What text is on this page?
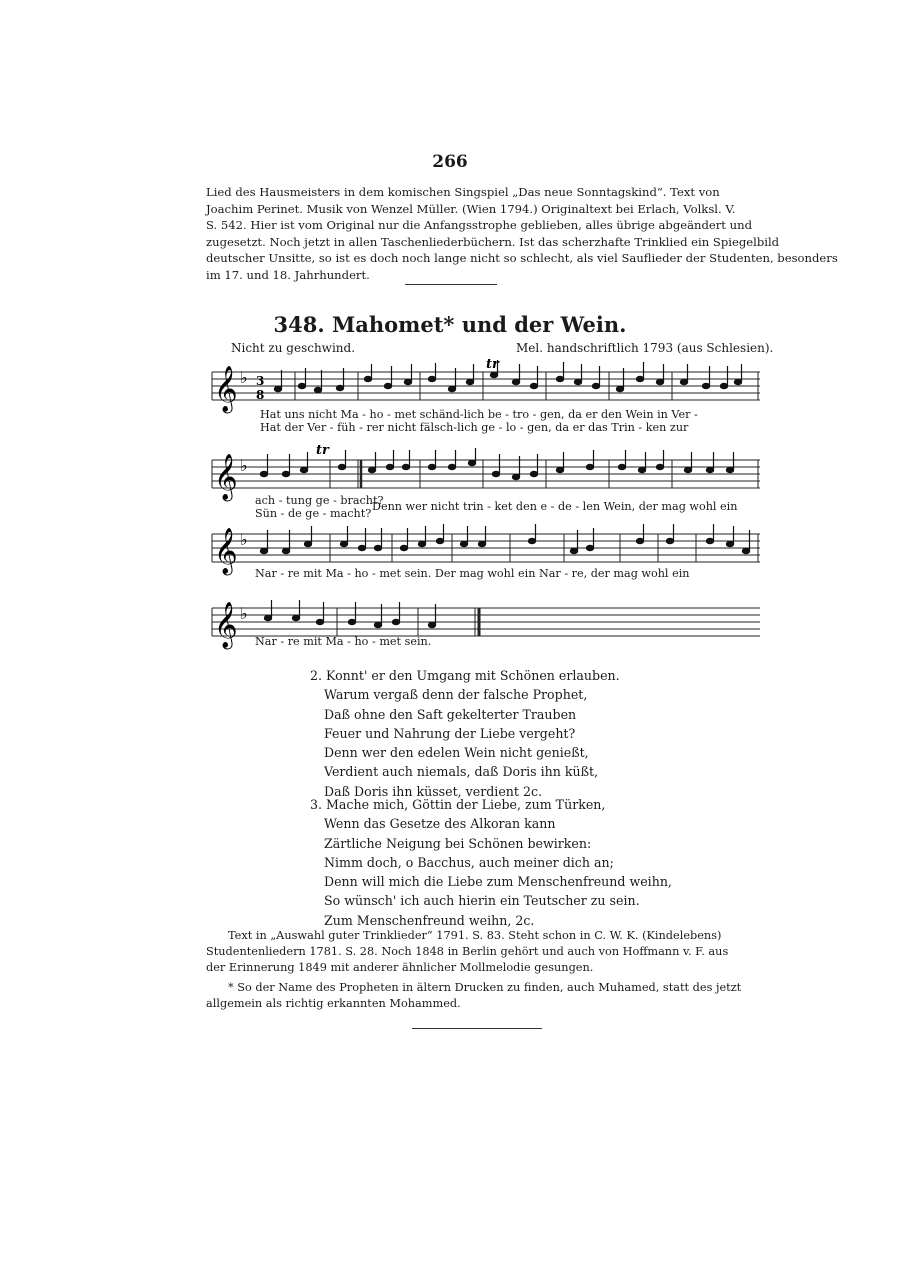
266
Lied des Hausmeisters in dem komischen Singspiel „Das neue Sonntagskind“. Text von
Joachim Perinet. Musik von Wenzel Müller. (Wien 1794.) Originaltext bei Erlach, Volksl. V.
S. 542. Hier ist vom Original nur die Anfangsstrophe geblieben, alles übrige abgeändert und
zugesetzt. Noch jetzt in allen Taschenliederbüchern. Ist das scherzhafte Trinklied ein Spiegelbild
deutscher Unsitte, so ist es doch noch lange nicht so schlecht, als viel Sauflieder der Studenten, besonders
im 17. und 18. Jahrhundert.
348. Mahomet* und der Wein.
Nicht zu geschwind.	Mel. handschriftlich 1793 (aus Schlesien).
𝄞 ♭ 3
8
tr
Hat uns nicht Ma - ho - met schänd-lich be - tro - gen, da er den Wein in Ver -
Hat der Ver - füh - rer nicht fälsch-lich ge - lo - gen, da er das Trin - ken zur
𝄞 ♭
tr
ach - tung ge - bracht?
Sün - de ge - macht?
Denn wer nicht trin - ket den e - de - len Wein, der mag wohl ein
𝄞 ♭
Nar - re mit Ma - ho - met sein. Der mag wohl ein Nar - re, der mag wohl ein
𝄞 ♭
Nar - re mit Ma - ho - met sein.
2. Konnt' er den Umgang mit Schönen erlauben.
Warum vergaß denn der falsche Prophet,
Daß ohne den Saft gekelterter Trauben
Feuer und Nahrung der Liebe vergeht?
Denn wer den edelen Wein nicht genießt,
Verdient auch niemals, daß Doris ihn küßt,
Daß Doris ihn küsset, verdient 2c.
3. Mache mich, Göttin der Liebe, zum Türken,
Wenn das Gesetze des Alkoran kann
Zärtliche Neigung bei Schönen bewirken:
Nimm doch, o Bacchus, auch meiner dich an;
Denn will mich die Liebe zum Menschenfreund weihn,
So wünsch' ich auch hierin ein Teutscher zu sein.
Zum Menschenfreund weihn, 2c.
Text in „Auswahl guter Trinklieder“ 1791. S. 83. Steht schon in C. W. K. (Kindelebens)
Studentenliedern 1781. S. 28. Noch 1848 in Berlin gehört und auch von Hoffmann v. F. aus
der Erinnerung 1849 mit anderer ähnlicher Mollmelodie gesungen.
* So der Name des Propheten in ältern Drucken zu finden, auch Muhamed, statt des jetzt
allgemein als richtig erkannten Mohammed.
